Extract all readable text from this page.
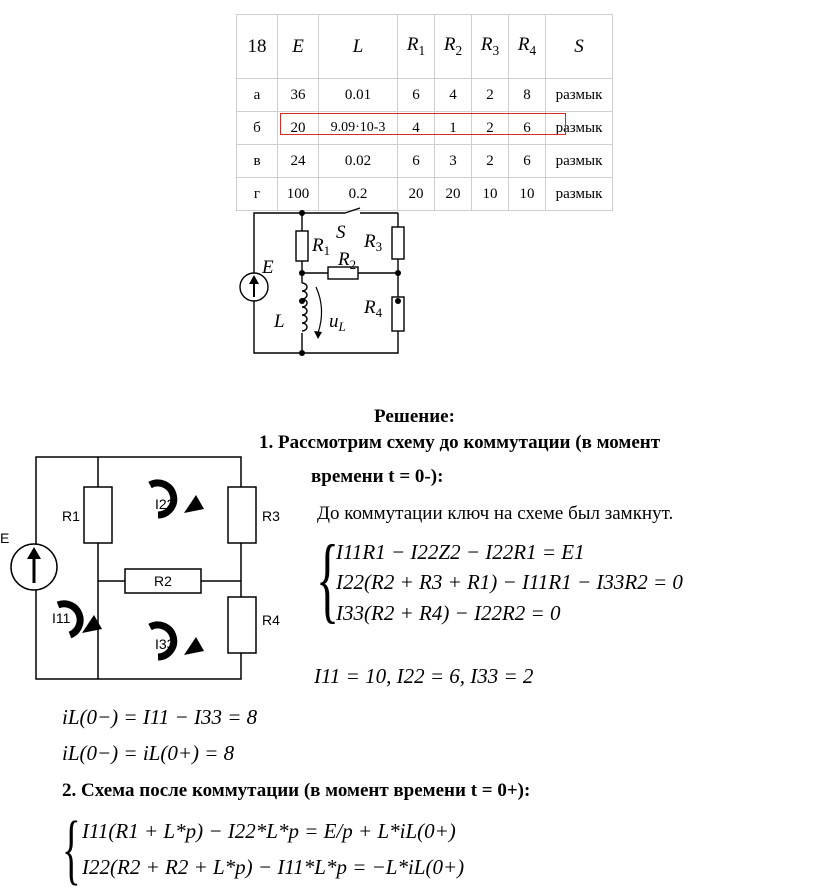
18	E	L	$R_1$	$R_2$	$R_3$	$R_4$	S
а	36	0.01	6	4	2	8	размык
б	20	9.09·10-3	4	1	2	6	размык
в	24	0.02	6	3	2	6	размык
г	100	0.2	20	20	10	10	размык
E
L
S
$R_1$ $R_2$
$R_3$
$R_4$
$u_L$
Решение:
1. Рассмотрим схему до коммутации (в момент
времени t = 0-):
До коммутации ключ на схеме был замкнут.
E
R1	R3
R4
R2
I22
I11
I33
{
I11R1 − I22Z2 − I22R1 = E1
I22(R2 + R3 + R1) − I11R1 − I33R2 = 0
I33(R2 + R4) − I22R2 = 0
I11 = 10, I22 = 6, I33 = 2
iL(0−) = I11 − I33 = 8
iL(0−) = iL(0+) = 8
2. Схема после коммутации (в момент времени t = 0+):
{ I11(R1 + L*p) − I22*L*p = E/p + L*iL(0+)
I22(R2 + R2 + L*p) − I11*L*p = −L*iL(0+)
